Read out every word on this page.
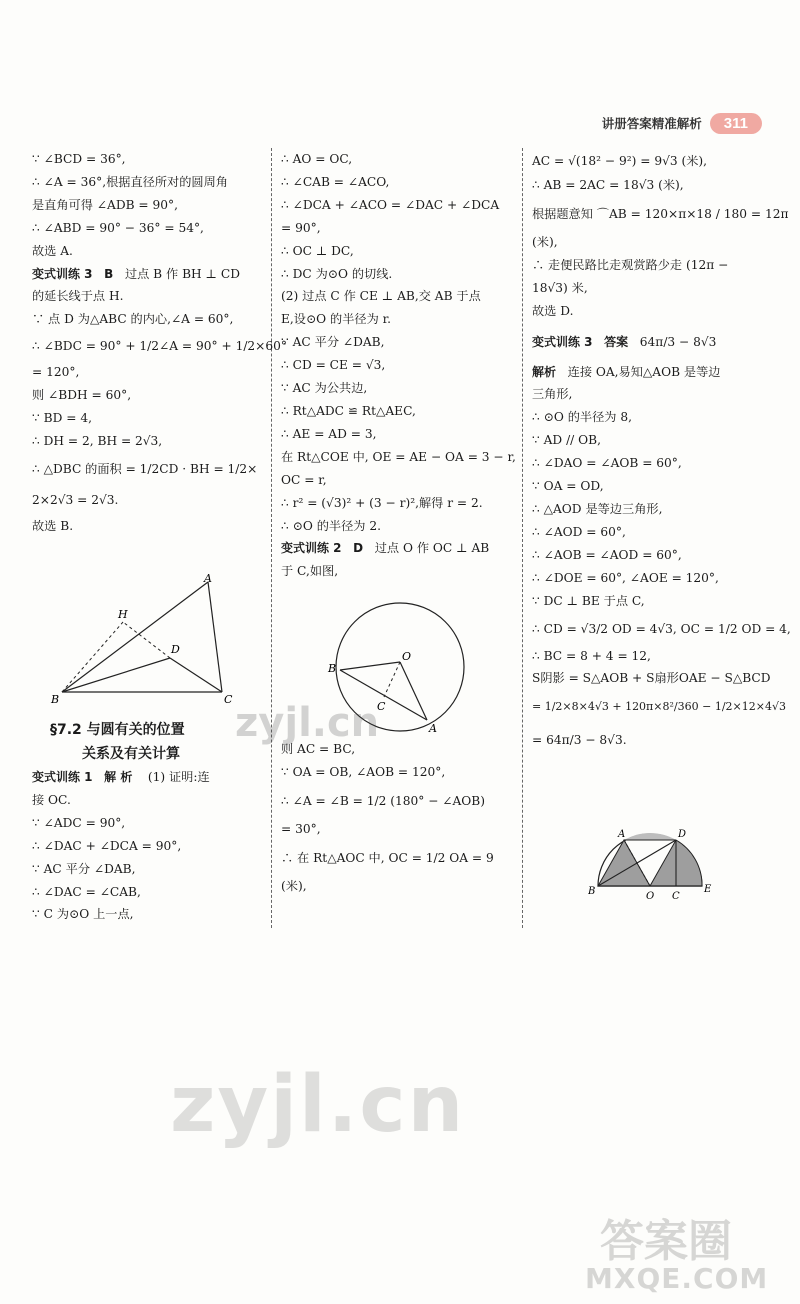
讲册答案精准解析	311
∵ ∠BCD = 36°,
∴ ∠A = 36°,根据直径所对的圆周角
是直角可得 ∠ADB = 90°,
∴ ∠ABD = 90° − 36° = 54°,
故选 A.
变式训练 3 B 过点 B 作 BH ⊥ CD
的延长线于点 H.
∵ 点 D 为△ABC 的内心,∠A = 60°,
∴ ∠BDC = 90° + 1/2∠A = 90° + 1/2×60°
= 120°,
则 ∠BDH = 60°,
∵ BD = 4,
∴ DH = 2, BH = 2√3,
∴ △DBC 的面积 = 1/2CD · BH = 1/2×
2×2√3 = 2√3.
故选 B.
A
H
D
B	C
§7.2 与圆有关的位置
关系及有关计算
变式训练 1 解 析 (1) 证明:连
接 OC.
∵ ∠ADC = 90°,
∴ ∠DAC + ∠DCA = 90°,
∵ AC 平分 ∠DAB,
∴ ∠DAC = ∠CAB,
∵ C 为⊙O 上一点,
∴ AO = OC,
∴ ∠CAB = ∠ACO,
∴ ∠DCA + ∠ACO = ∠DAC + ∠DCA
= 90°,
∴ OC ⊥ DC,
∴ DC 为⊙O 的切线.
(2) 过点 C 作 CE ⊥ AB,交 AB 于点
E,设⊙O 的半径为 r.
∵ AC 平分 ∠DAB,
∴ CD = CE = √3,
∵ AC 为公共边,
∴ Rt△ADC ≌ Rt△AEC,
∴ AE = AD = 3,
在 Rt△COE 中, OE = AE − OA = 3 − r,
OC = r,
∴ r² = (√3)² + (3 − r)²,解得 r = 2.
∴ ⊙O 的半径为 2.
变式训练 2 D 过点 O 作 OC ⊥ AB
于 C,如图,
O
B
C
A
则 AC = BC,
∵ OA = OB, ∠AOB = 120°,
∴ ∠A = ∠B = 1/2 (180° − ∠AOB)
= 30°,
∴ 在 Rt△AOC 中, OC = 1/2 OA = 9
(米),
AC = √(18² − 9²) = 9√3 (米),
∴ AB = 2AC = 18√3 (米),
根据题意知 ⌒AB = 120×π×18 / 180 = 12π
(米),
∴ 走便民路比走观赏路少走 (12π −
18√3) 米,
故选 D.
变式训练 3 答案 64π/3 − 8√3
解析 连接 OA,易知△AOB 是等边
三角形,
∴ ⊙O 的半径为 8,
∵ AD // OB,
∴ ∠DAO = ∠AOB = 60°,
∵ OA = OD,
∴ △AOD 是等边三角形,
∴ ∠AOD = 60°,
∴ ∠AOB = ∠AOD = 60°,
∴ ∠DOE = 60°, ∠AOE = 120°,
∵ DC ⊥ BE 于点 C,
∴ CD = √3/2 OD = 4√3, OC = 1/2 OD = 4,
∴ BC = 8 + 4 = 12,
S阴影 = S△AOB + S扇形OAE − S△BCD
= 1/2×8×4√3 + 120π×8²/360 − 1/2×12×4√3
= 64π/3 − 8√3.
A	D
B	O C
E
zyjl.cn
zyjl.cn
答案圈
MXQE.COM
